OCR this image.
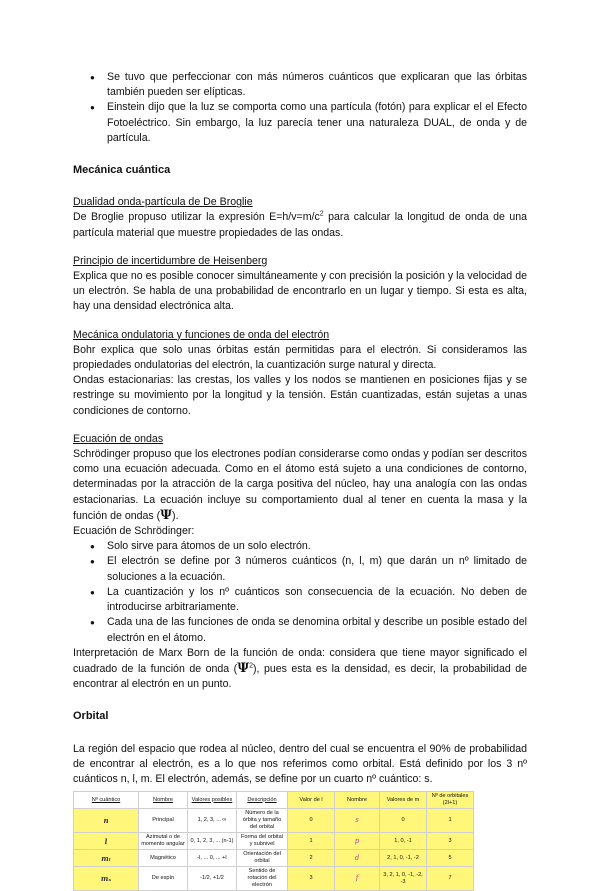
● Se tuvo que perfeccionar con más números cuánticos que explicaran que las órbitas también pueden ser elípticas.
● Einstein dijo que la luz se comporta como una partícula (fotón) para explicar el el Efecto Fotoeléctrico. Sin embargo, la luz parecía tener una naturaleza DUAL, de onda y de partícula.
Mecánica cuántica

Dualidad onda-partícula de De Broglie

De Broglie propuso utilizar la expresión $E=h/v=m/c^2$ para calcular la longitud de onda de una partícula material que muestre propiedades de las ondas.

Principio de incertidumbre de Heisenberg

Explica que no es posible conocer simultáneamente y con precisión la posición y la velocidad de un electrón. Se habla de una probabilidad de encontrarlo en un lugar y tiempo. Si esta es alta, hay una densidad electrónica alta.

Mecánica ondulatoria y funciones de onda del electrón

Bohr explica que solo unas órbitas están permitidas para el electrón. Si consideramos las propiedades ondulatorias del electrón, la cuantización surge natural y directa.

Ondas estacionarias: las crestas, los valles y los nodos se mantienen en posiciones fijas y se restringe su movimiento por la longitud y la tensión. Están cuantizadas, están sujetas a unas condiciones de contorno.

Ecuación de ondas

Schrödinger propuso que los electrones podían considerarse como ondas y podían ser descritos como una ecuación adecuada. Como en el átomo está sujeto a una condiciones de contorno, determinadas por la atracción de la carga positiva del núcleo, hay una analogía con las ondas estacionarias. La ecuación incluye su comportamiento dual al tener en cuenta la masa y la función de ondas (Ψ).

Ecuación de Schrödinger:

● Solo sirve para átomos de un solo electrón.
● El electrón se define por 3 números cuánticos (n, l, m) que darán un nº limitado de soluciones a la ecuación.
● La cuantización y los nº cuánticos son consecuencia de la ecuación. No deben de introducirse arbitrariamente.
● Cada una de las funciones de onda se denomina orbital y describe un posible estado del electrón en el átomo.

Interpretación de Marx Born de la función de onda: considera que tiene mayor significado el cuadrado de la función de onda $(\Psi^2)$, pues esta es la densidad, es decir, la probabilidad de encontrar al electrón en un punto.

Orbital

La región del espacio que rodea al núcleo, dentro del cual se encuentra el 90% de probabilidad de encontrar al electrón, es a lo que nos referimos como orbital. Está definido por los 3 nº cuánticos n, l, m. El electrón, además, se define por un cuarto nº cuántico: s.

Nº cuántico	Nombre	Valores posibles	Descripción	Valor de l	Nombre	Valores de m	Nº de orbitales (2l+1)
n	Principal	1, 2, 3, ... ∞	Número de la órbita y tamaño del orbital	0	s	0	1
l	Azimutal o de momento angular	0, 1, 2, 3, ... (n-1)	Forma del orbital y subnivel	1	p	1, 0, -1	3
mₗ	Magnético	-l, ... 0, ... +l	Orientación del orbital	2	d	2, 1, 0, -1, -2	5
mₛ	De espín	-1/2, +1/2	Sentido de rotación del electrón	3	f	3, 2, 1, 0, -1, -2, -3	7
